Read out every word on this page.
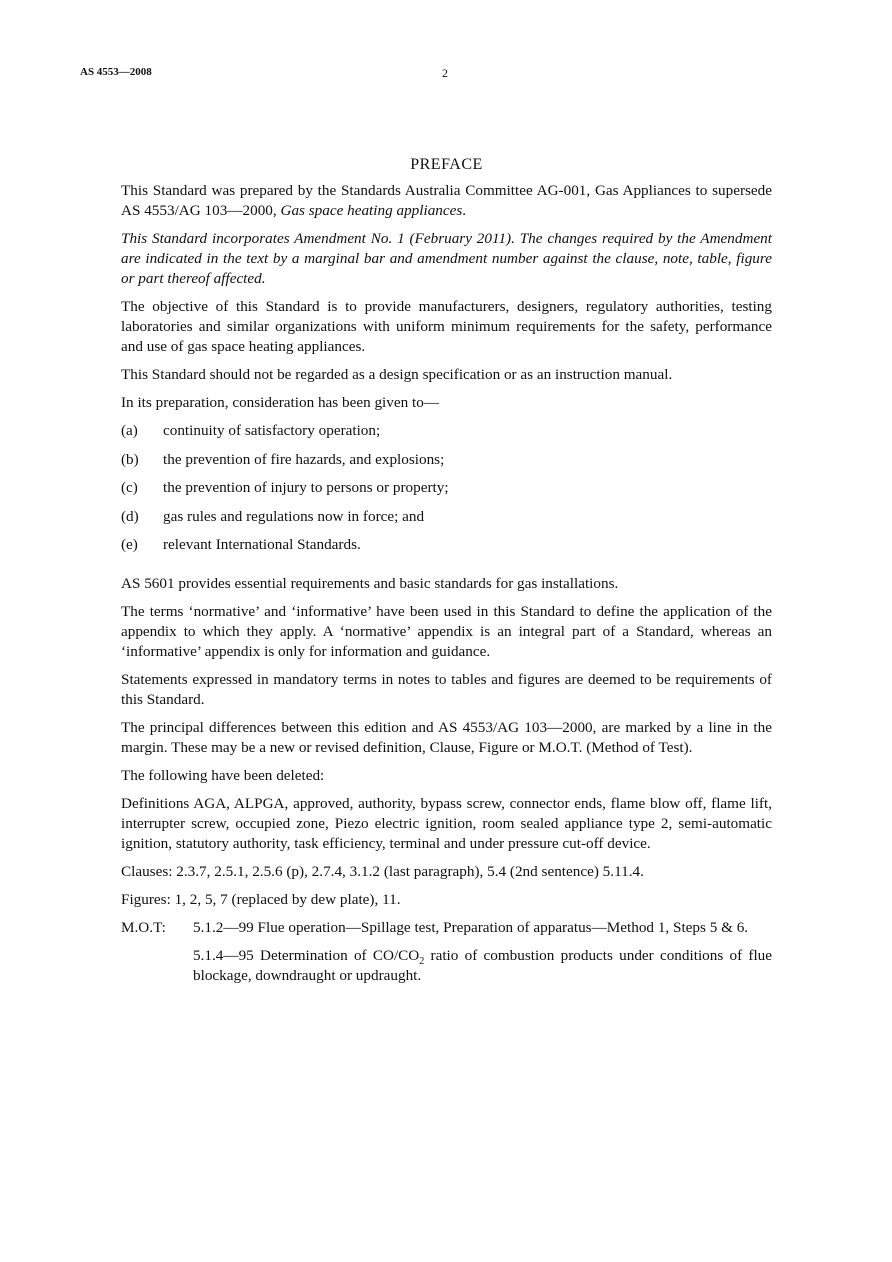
AS 4553—2008	2
PREFACE

This Standard was prepared by the Standards Australia Committee AG-001, Gas Appliances to supersede AS 4553/AG 103—2000, Gas space heating appliances.

This Standard incorporates Amendment No. 1 (February 2011). The changes required by the Amendment are indicated in the text by a marginal bar and amendment number against the clause, note, table, figure or part thereof affected.

The objective of this Standard is to provide manufacturers, designers, regulatory authorities, testing laboratories and similar organizations with uniform minimum requirements for the safety, performance and use of gas space heating appliances.

This Standard should not be regarded as a design specification or as an instruction manual.

In its preparation, consideration has been given to—

(a)	continuity of satisfactory operation;
(b)	the prevention of fire hazards, and explosions;
(c)	the prevention of injury to persons or property;
(d)	gas rules and regulations now in force; and
(e)	relevant International Standards.

AS 5601 provides essential requirements and basic standards for gas installations.

The terms ‘normative’ and ‘informative’ have been used in this Standard to define the application of the appendix to which they apply. A ‘normative’ appendix is an integral part of a Standard, whereas an ‘informative’ appendix is only for information and guidance.

Statements expressed in mandatory terms in notes to tables and figures are deemed to be requirements of this Standard.

The principal differences between this edition and AS 4553/AG 103—2000, are marked by a line in the margin. These may be a new or revised definition, Clause, Figure or M.O.T. (Method of Test).

The following have been deleted:

Definitions AGA, ALPGA, approved, authority, bypass screw, connector ends, flame blow off, flame lift, interrupter screw, occupied zone, Piezo electric ignition, room sealed appliance type 2, semi-automatic ignition, statutory authority, task efficiency, terminal and under pressure cut-off device.

Clauses: 2.3.7, 2.5.1, 2.5.6 (p), 2.7.4, 3.1.2 (last paragraph), 5.4 (2nd sentence) 5.11.4.

Figures: 1, 2, 5, 7 (replaced by dew plate), 11.

M.O.T:	5.1.2—99 Flue operation—Spillage test, Preparation of apparatus—Method 1, Steps 5 & 6.

5.1.4—95 Determination of $CO/CO_2$ ratio of combustion products under conditions of flue blockage, downdraught or updraught.
